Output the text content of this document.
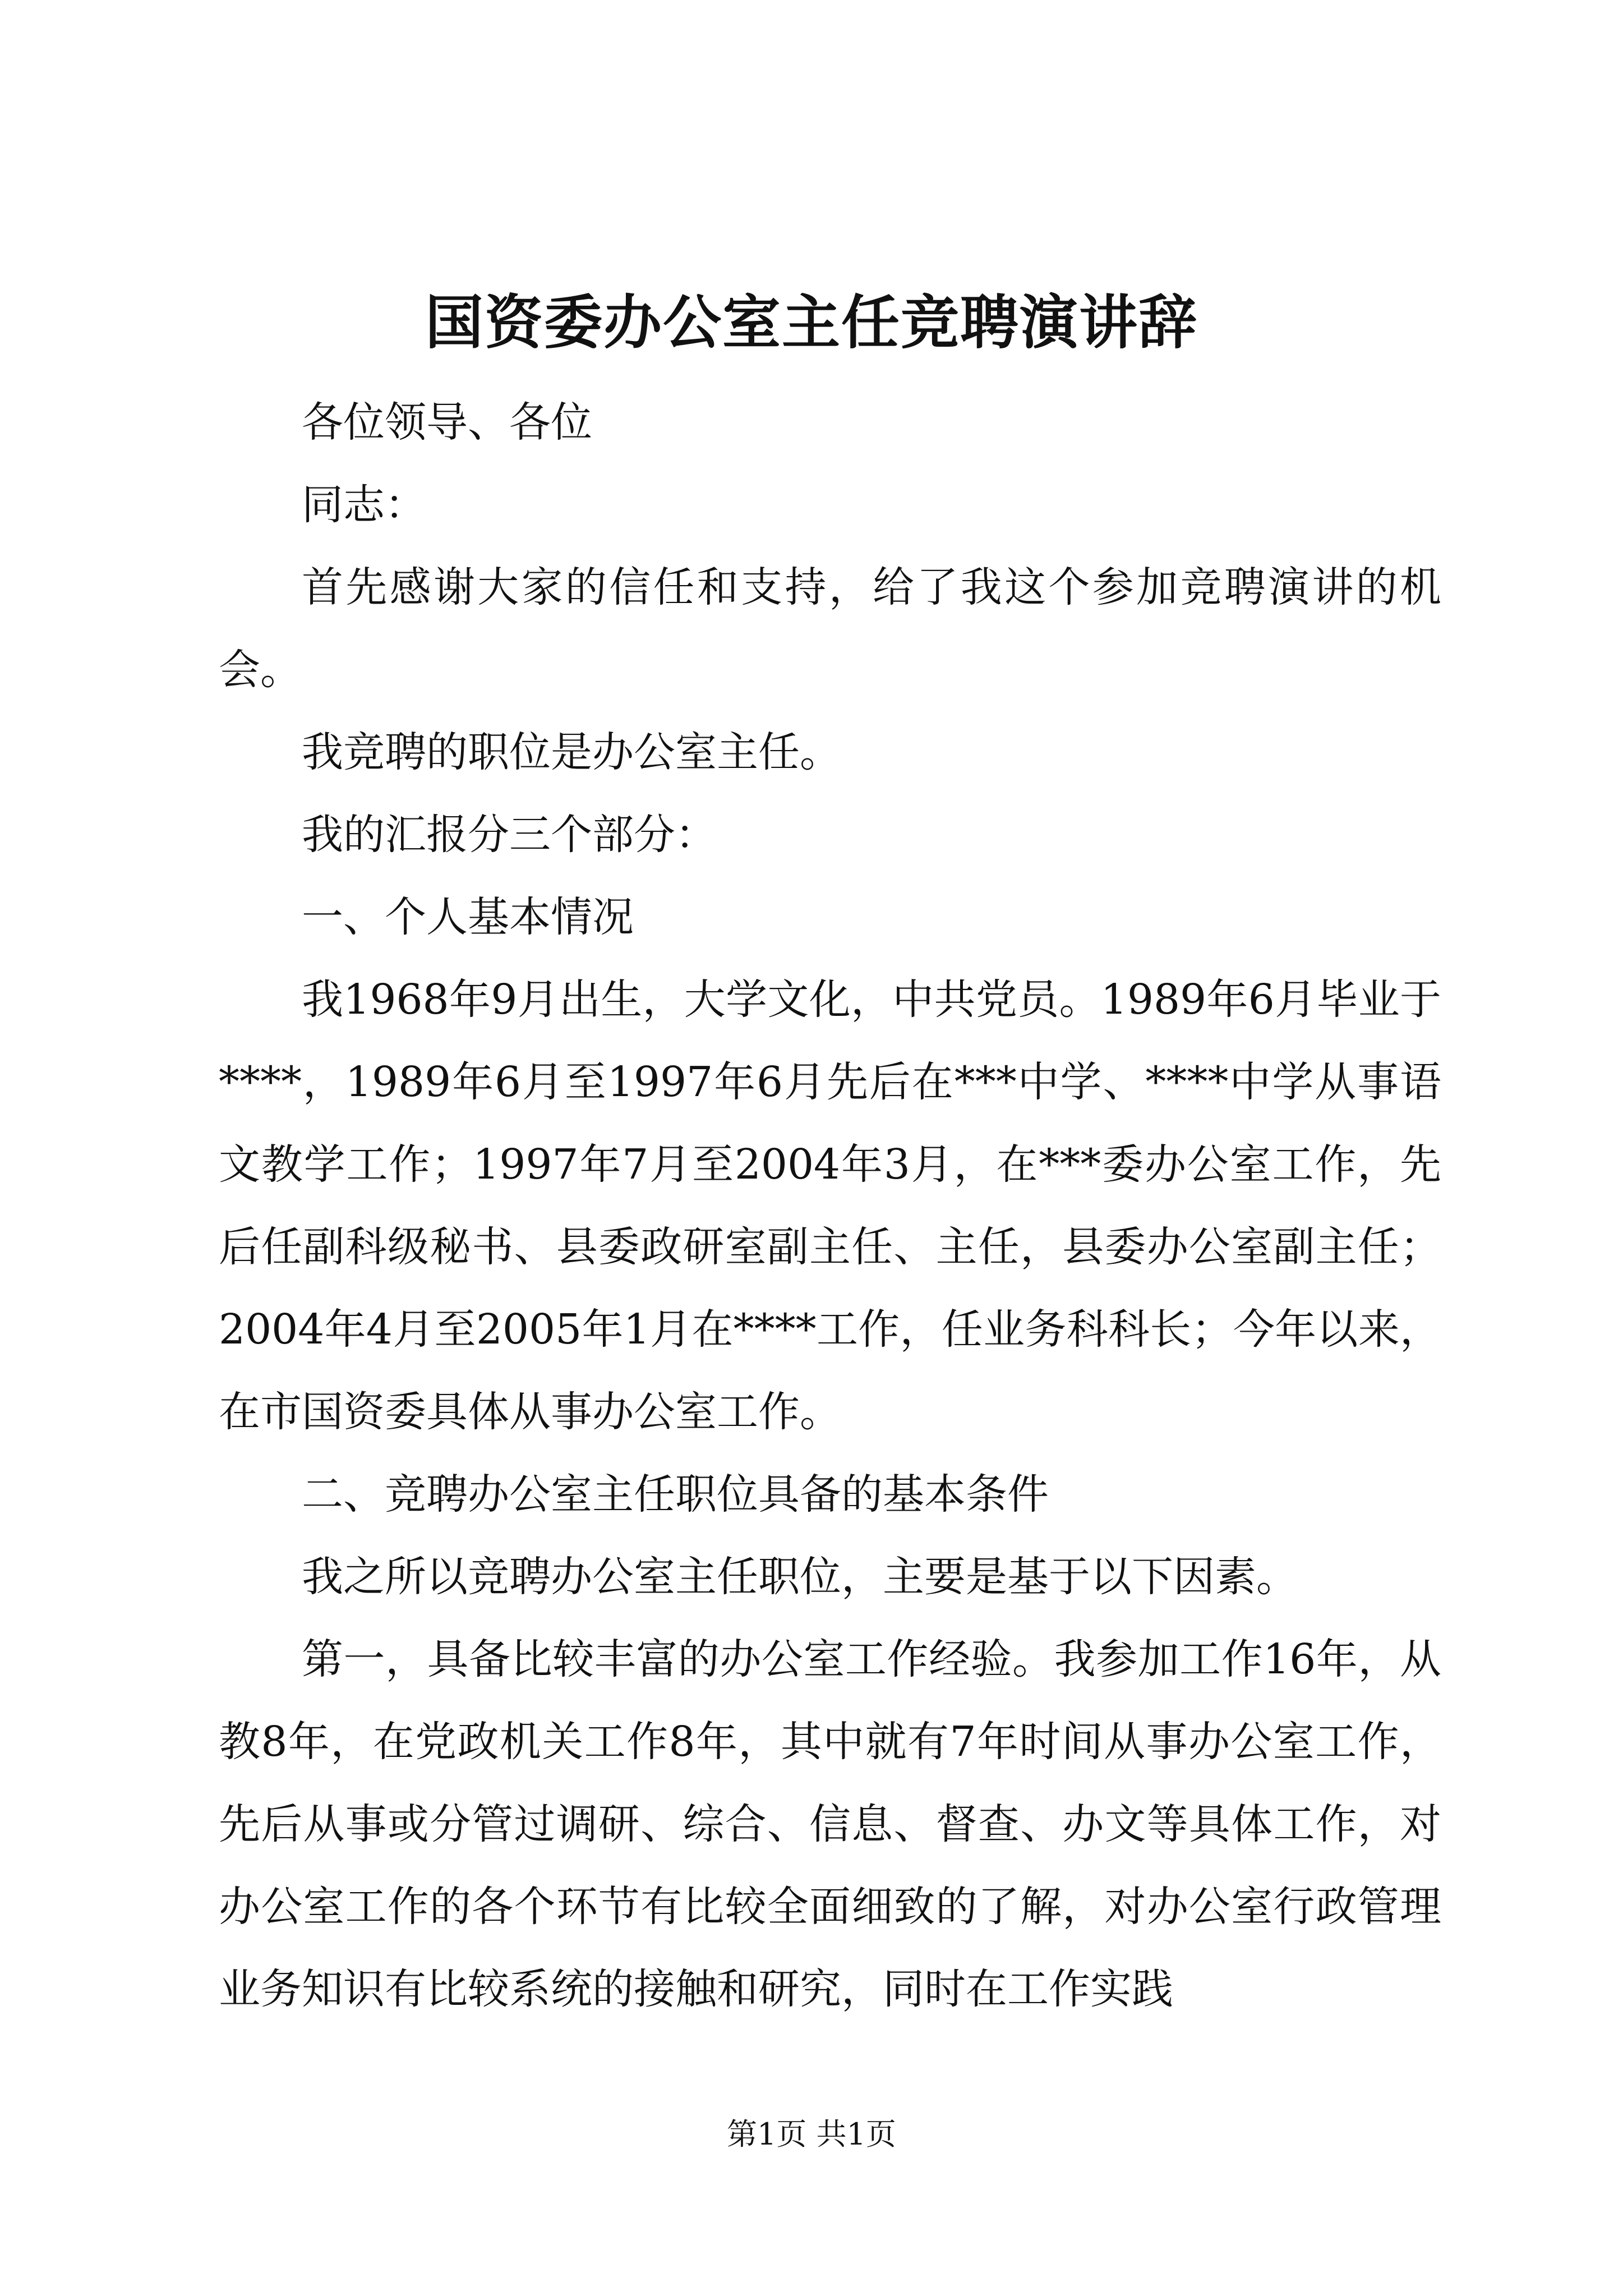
国资委办公室主任竞聘演讲辞

各位领导、各位

同志：

首先感谢大家的信任和支持，给了我这个参加竞聘演讲的机会。

我竞聘的职位是办公室主任。

我的汇报分三个部分：

一、个人基本情况

我1968年9月出生，大学文化，中共党员。1989年6月毕业于****，1989年6月至1997年6月先后在***中学、****中学从事语文教学工作；1997年7月至2004年3月，在***委办公室工作，先后任副科级秘书、县委政研室副主任、主任，县委办公室副主任；2004年4月至2005年1月在****工作，任业务科科长；今年以来，在市国资委具体从事办公室工作。

二、竞聘办公室主任职位具备的基本条件

我之所以竞聘办公室主任职位，主要是基于以下因素。

第一，具备比较丰富的办公室工作经验。我参加工作16年，从教8年，在党政机关工作8年，其中就有7年时间从事办公室工作，先后从事或分管过调研、综合、信息、督查、办文等具体工作，对办公室工作的各个环节有比较全面细致的了解，对办公室行政管理业务知识有比较系统的接触和研究，同时在工作实践

第1页 共1页
